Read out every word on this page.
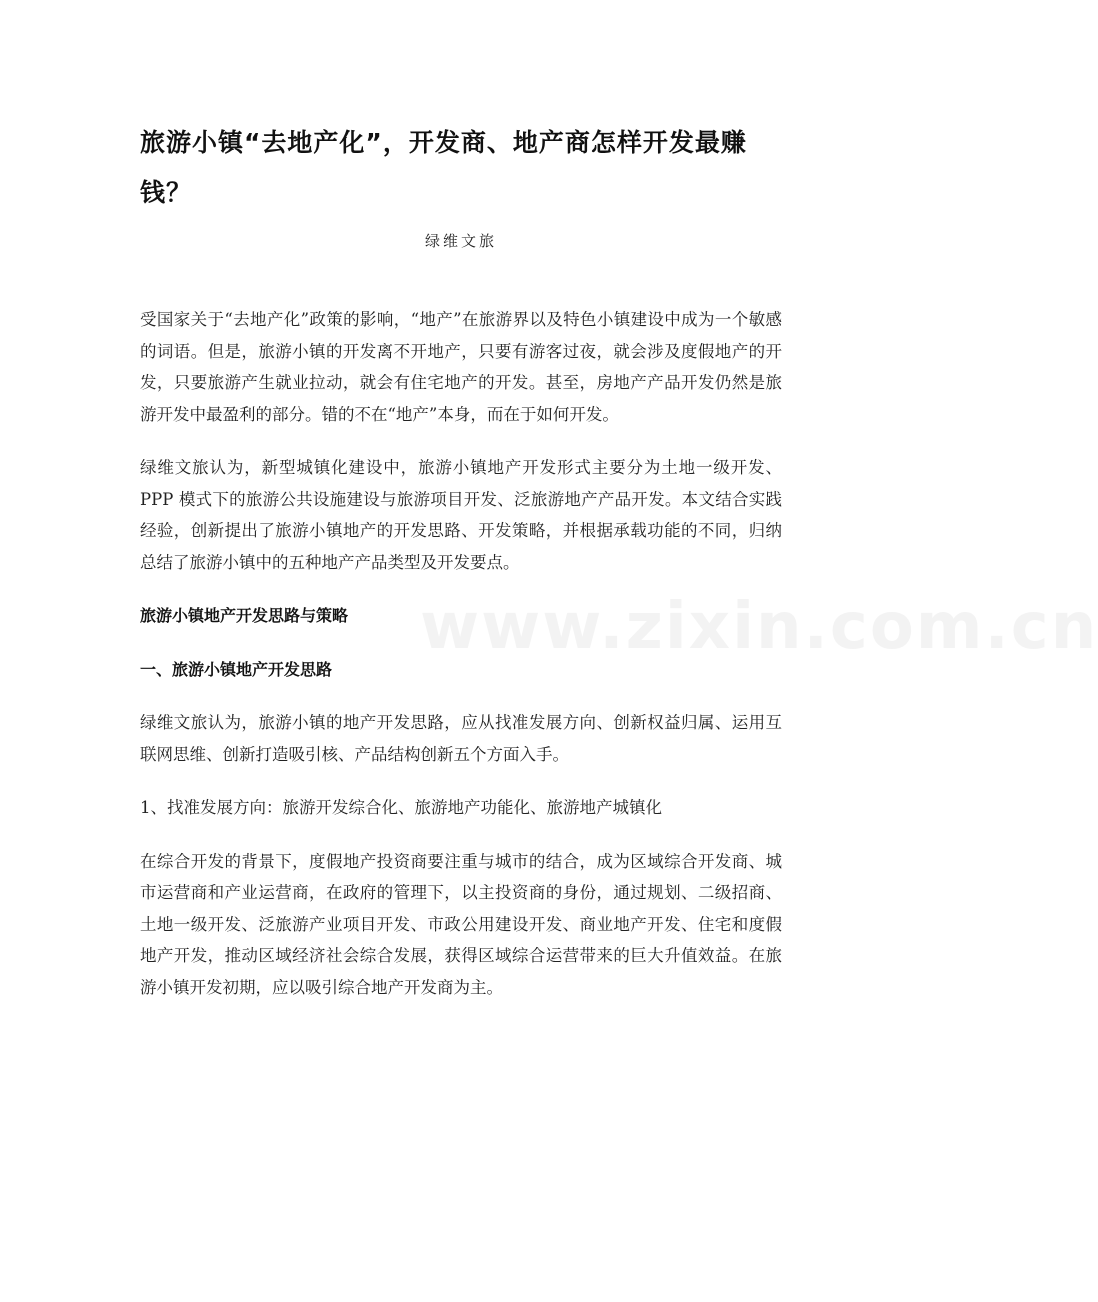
www.zixin.com.cn
旅游小镇“去地产化”，开发商、地产商怎样开发最赚钱？
绿维文旅

受国家关于“去地产化”政策的影响，“地产”在旅游界以及特色小镇建设中成为一个敏感的词语。但是，旅游小镇的开发离不开地产，只要有游客过夜，就会涉及度假地产的开发，只要旅游产生就业拉动，就会有住宅地产的开发。甚至，房地产产品开发仍然是旅游开发中最盈利的部分。错的不在“地产”本身，而在于如何开发。

绿维文旅认为，新型城镇化建设中，旅游小镇地产开发形式主要分为土地一级开发、PPP 模式下的旅游公共设施建设与旅游项目开发、泛旅游地产产品开发。本文结合实践经验，创新提出了旅游小镇地产的开发思路、开发策略，并根据承载功能的不同，归纳总结了旅游小镇中的五种地产产品类型及开发要点。

旅游小镇地产开发思路与策略
一、旅游小镇地产开发思路

绿维文旅认为，旅游小镇的地产开发思路，应从找准发展方向、创新权益归属、运用互联网思维、创新打造吸引核、产品结构创新五个方面入手。

1、找准发展方向：旅游开发综合化、旅游地产功能化、旅游地产城镇化

在综合开发的背景下，度假地产投资商要注重与城市的结合，成为区域综合开发商、城市运营商和产业运营商，在政府的管理下，以主投资商的身份，通过规划、二级招商、土地一级开发、泛旅游产业项目开发、市政公用建设开发、商业地产开发、住宅和度假地产开发，推动区域经济社会综合发展，获得区域综合运营带来的巨大升值效益。在旅游小镇开发初期，应以吸引综合地产开发商为主。
